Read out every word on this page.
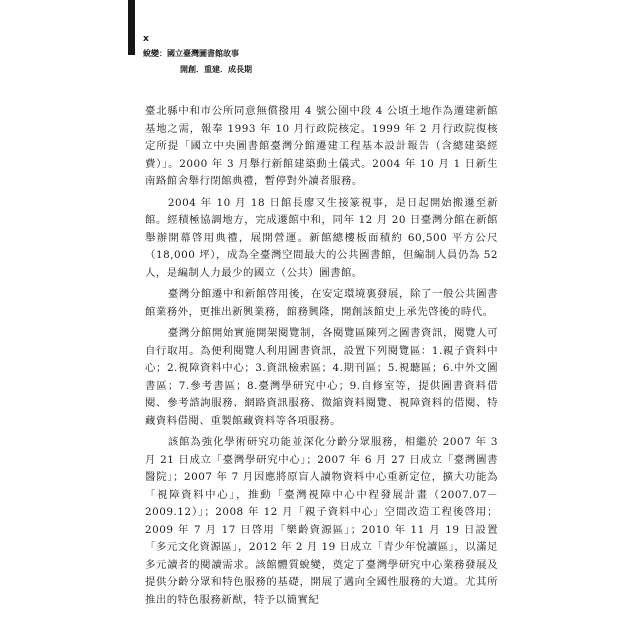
x
蛻變：國立臺灣圖書館故事
開創．重建．成長期

臺北縣中和市公所同意無償撥用 4 號公園中段 4 公頃土地作為遷建新館基地之需，報奉 1993 年 10 月行政院核定。1999 年 2 月行政院復核定所提「國立中央圖書館臺灣分館遷建工程基本設計報告（含總建築經費）」。2000 年 3 月舉行新館建築動土儀式。2004 年 10 月 1 日新生南路館舍舉行閉館典禮，暫停對外讀者服務。

2004 年 10 月 18 日館長廖又生接篆視事，是日起開始搬遷至新館。經積極協調地方，完成遷館中和，同年 12 月 20 日臺灣分館在新館舉辦開幕啓用典禮，展開營運。新館總樓板面積約 60,500 平方公尺（18,000 坪），成為全臺灣空間最大的公共圖書館，但編制人員仍為 52 人，是編制人力最少的國立（公共）圖書館。

臺灣分館遷中和新館啓用後，在安定環境裏發展，除了一般公共圖書館業務外，更推出新興業務，館務興隆，開創該館史上承先啓後的時代。

臺灣分館開始實施開架閱覽制，各閱覽區陳列之圖書資訊，閱覽人可自行取用。為便利閱覽人利用圖書資訊，設置下列閱覽區：1.親子資料中心；2.視障資料中心；3.資訊檢索區；4.期刊區；5.視聽區；6.中外文圖書區；7.參考書區；8.臺灣學研究中心；9.自修室等，提供圖書資料借閱、參考諮詢服務、網路資訊服務、微縮資料閱覽、視障資料的借閱、特藏資料借閱、重製館藏資料等各項服務。

該館為強化學術研究功能並深化分齡分眾服務，相繼於 2007 年 3 月 21 日成立「臺灣學研究中心」；2007 年 6 月 27 日成立「臺灣圖書醫院」；2007 年 7 月因應將原盲人讀物資料中心重新定位，擴大功能為「視障資料中心」，推動「臺灣視障中心中程發展計畫（2007.07－2009.12）」；2008 年 12 月「親子資料中心」空間改造工程後啓用；2009 年 7 月 17 日啓用「樂齡資源區」；2010 年 11 月 19 日設置「多元文化資源區」，2012 年 2 月 19 日成立「青少年悅讀區」，以滿足多元讀者的閱讀需求。該館體質蛻變，奠定了臺灣學研究中心業務發展及提供分齡分眾和特色服務的基礎，開展了邁向全國性服務的大道。尤其所推出的特色服務新猷，特予以簡實紀
